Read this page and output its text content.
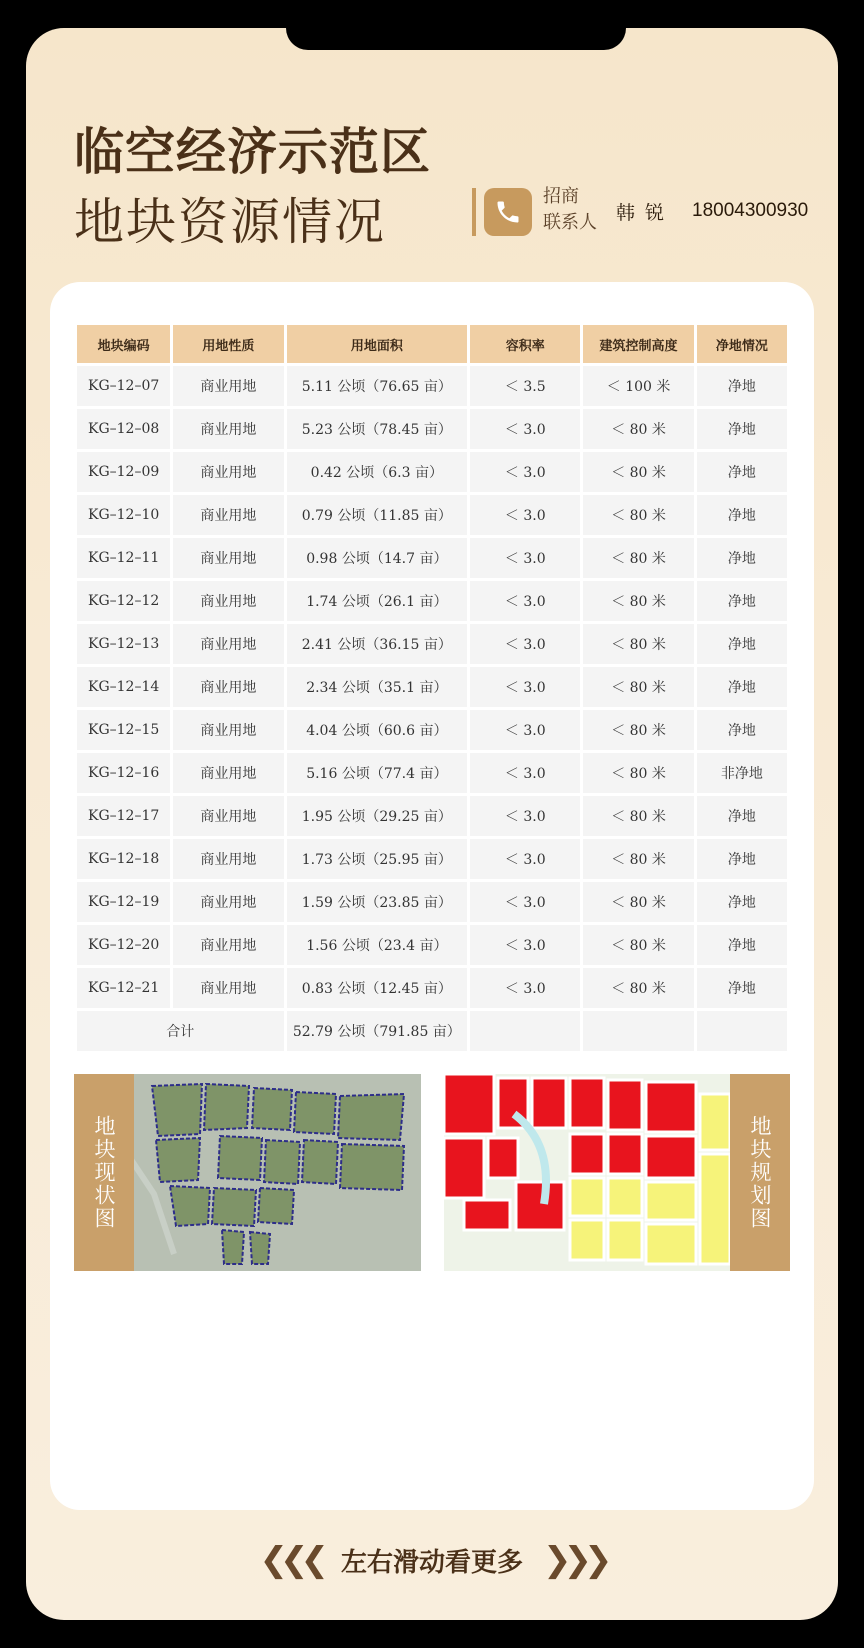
临空经济示范区
地块资源情况	招商
联系人 韩锐 18004300930
地块编码	用地性质	用地面积	容积率	建筑控制高度	净地情况
KG–12–07	商业用地	5.11 公顷（76.65 亩）	＜ 3.5	＜ 100 米	净地
KG–12–08	商业用地	5.23 公顷（78.45 亩）	＜ 3.0	＜ 80 米	净地
KG–12–09	商业用地	0.42 公顷（6.3 亩）	＜ 3.0	＜ 80 米	净地
KG–12–10	商业用地	0.79 公顷（11.85 亩）	＜ 3.0	＜ 80 米	净地
KG–12–11	商业用地	0.98 公顷（14.7 亩）	＜ 3.0	＜ 80 米	净地
KG–12–12	商业用地	1.74 公顷（26.1 亩）	＜ 3.0	＜ 80 米	净地
KG–12–13	商业用地	2.41 公顷（36.15 亩）	＜ 3.0	＜ 80 米	净地
KG–12–14	商业用地	2.34 公顷（35.1 亩）	＜ 3.0	＜ 80 米	净地
KG–12–15	商业用地	4.04 公顷（60.6 亩）	＜ 3.0	＜ 80 米	净地
KG–12–16	商业用地	5.16 公顷（77.4 亩）	＜ 3.0	＜ 80 米	非净地
KG–12–17	商业用地	1.95 公顷（29.25 亩）	＜ 3.0	＜ 80 米	净地
KG–12–18	商业用地	1.73 公顷（25.95 亩）	＜ 3.0	＜ 80 米	净地
KG–12–19	商业用地	1.59 公顷（23.85 亩）	＜ 3.0	＜ 80 米	净地
KG–12–20	商业用地	1.56 公顷（23.4 亩）	＜ 3.0	＜ 80 米	净地
KG–12–21	商业用地	0.83 公顷（12.45 亩）	＜ 3.0	＜ 80 米	净地
合计		52.79 公顷（791.85 亩）			
地块现状图	地块规划图
❮❮❮ 左右滑动看更多 ❯❯❯
